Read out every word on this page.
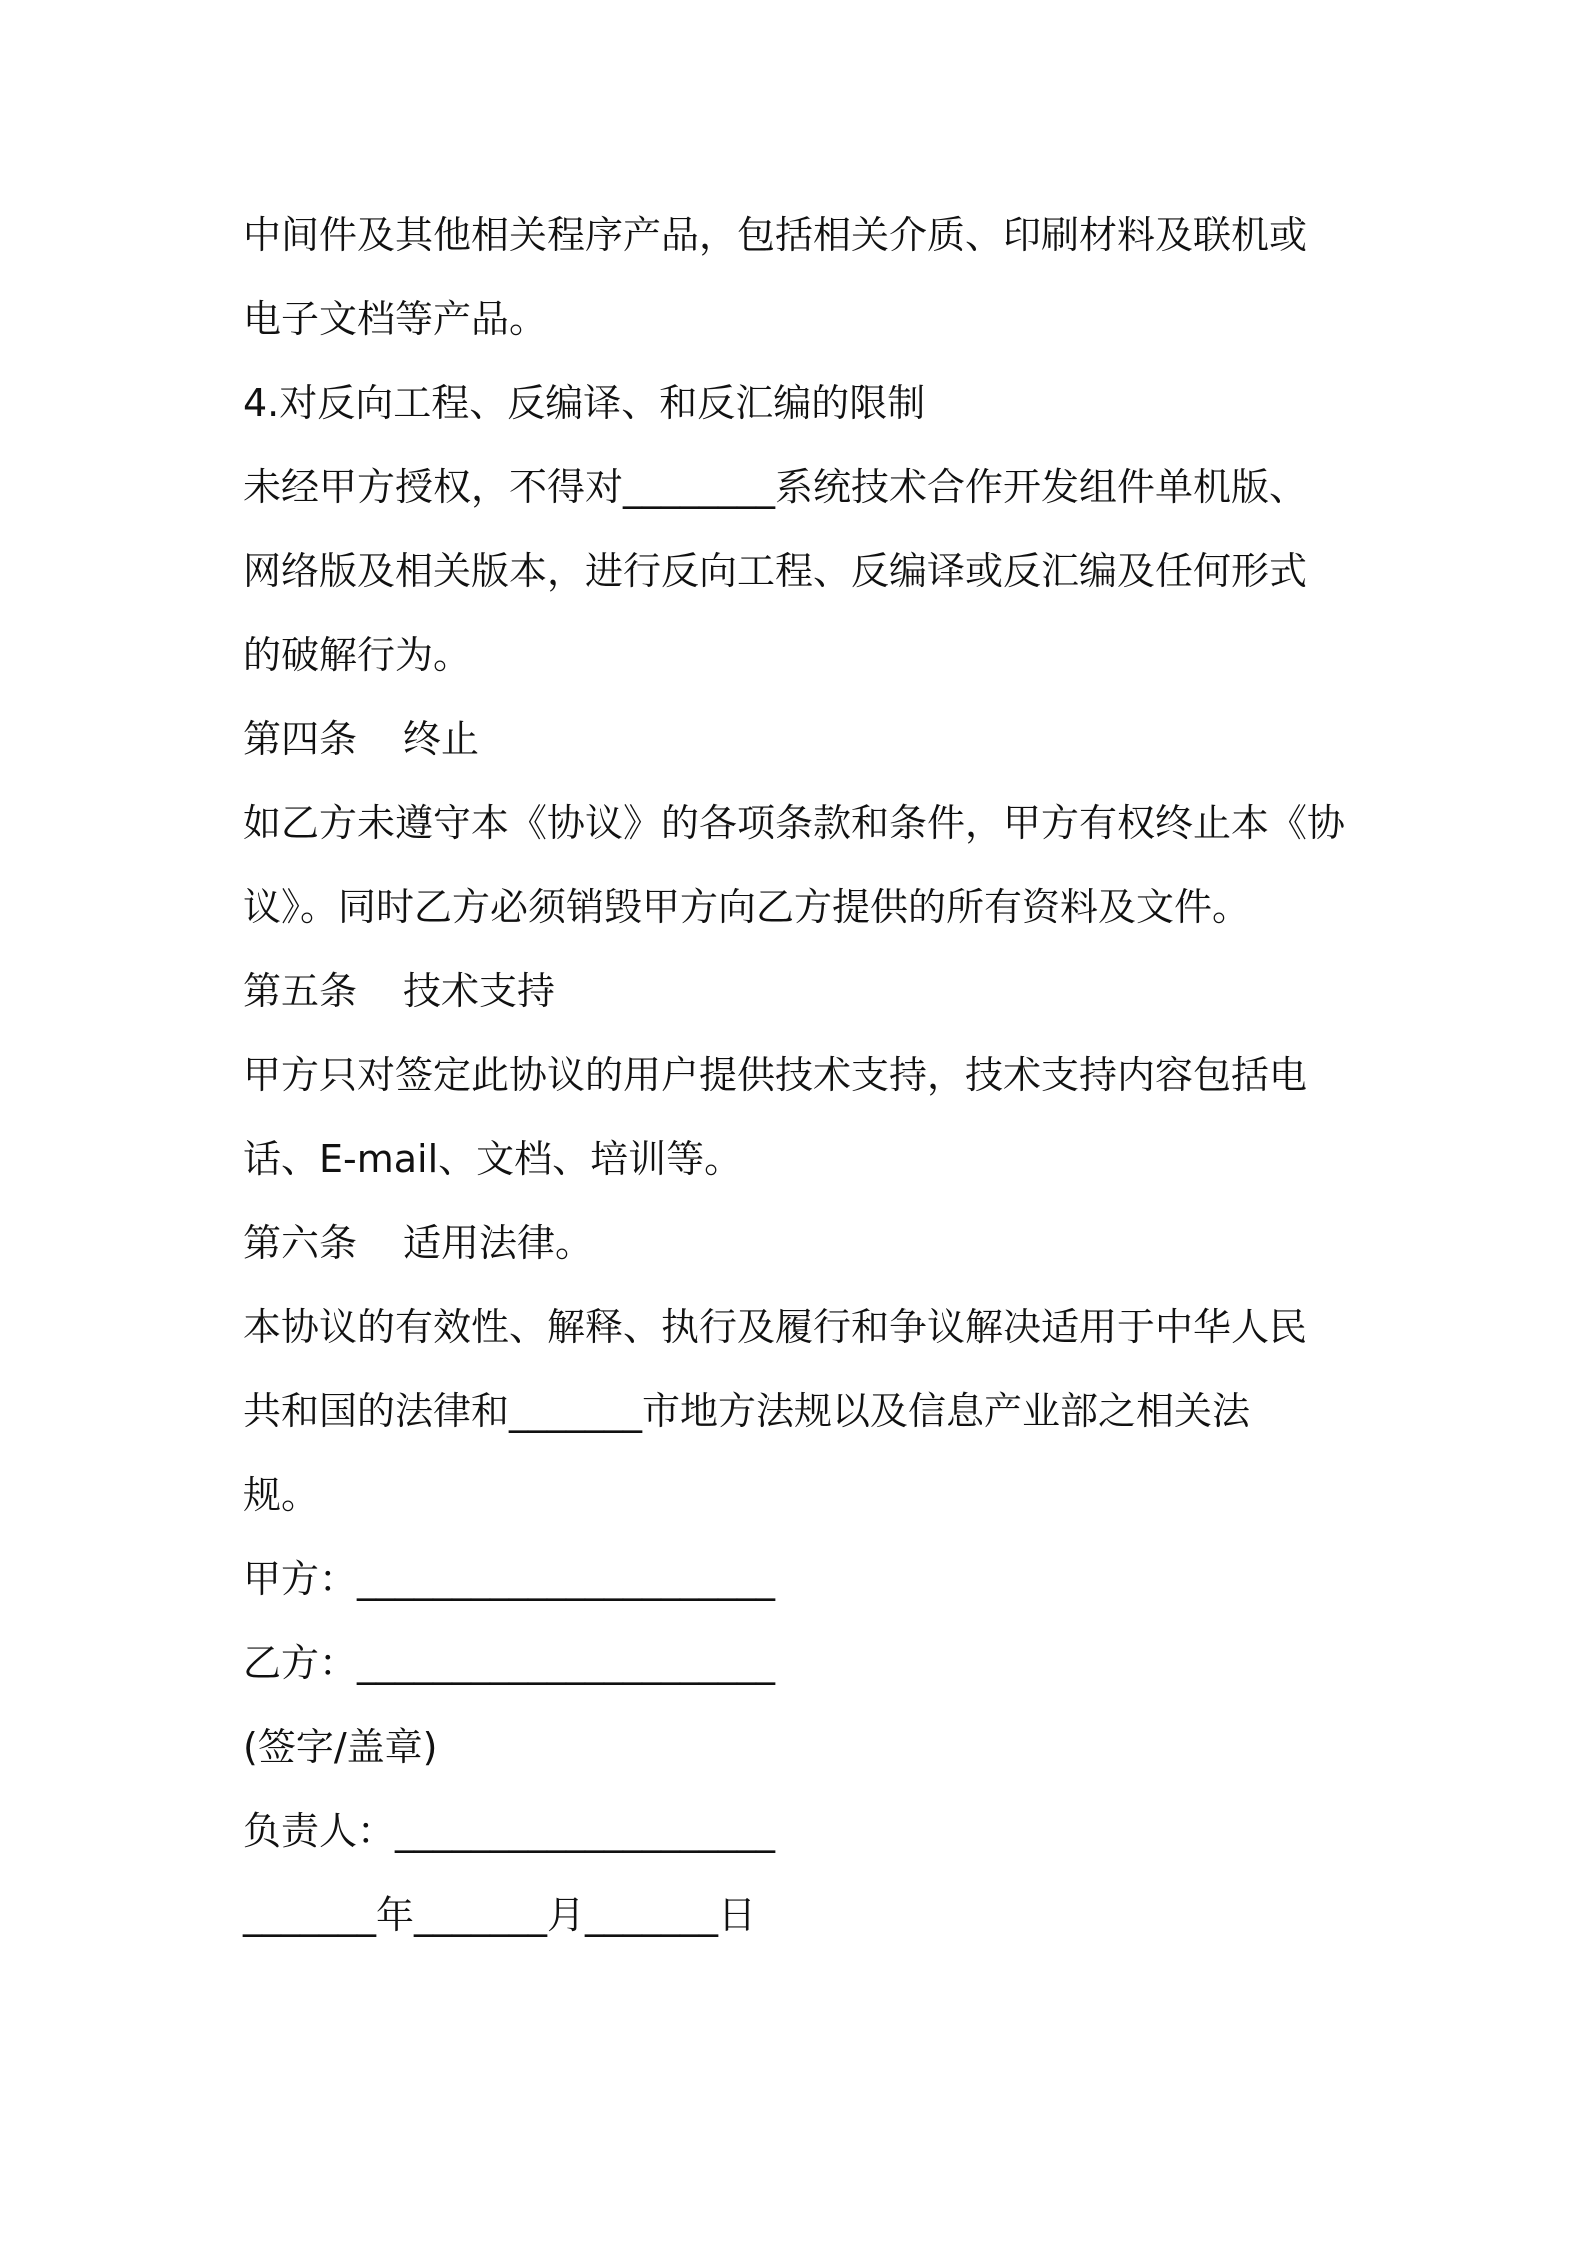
中间件及其他相关程序产品，包括相关介质、印刷材料及联机或
电子文档等产品。
4.对反向工程、反编译、和反汇编的限制
未经甲方授权，不得对________系统技术合作开发组件单机版、
网络版及相关版本，进行反向工程、反编译或反汇编及任何形式
的破解行为。
第四条 终止
如乙方未遵守本《协议》的各项条款和条件，甲方有权终止本《协
议》。同时乙方必须销毁甲方向乙方提供的所有资料及文件。
第五条 技术支持
甲方只对签定此协议的用户提供技术支持，技术支持内容包括电
话、E-mail、文档、培训等。
第六条 适用法律。
本协议的有效性、解释、执行及履行和争议解决适用于中华人民
共和国的法律和_______市地方法规以及信息产业部之相关法
规。
甲方：______________________
乙方：______________________
(签字/盖章)
负责人：____________________
_______年_______月_______日
